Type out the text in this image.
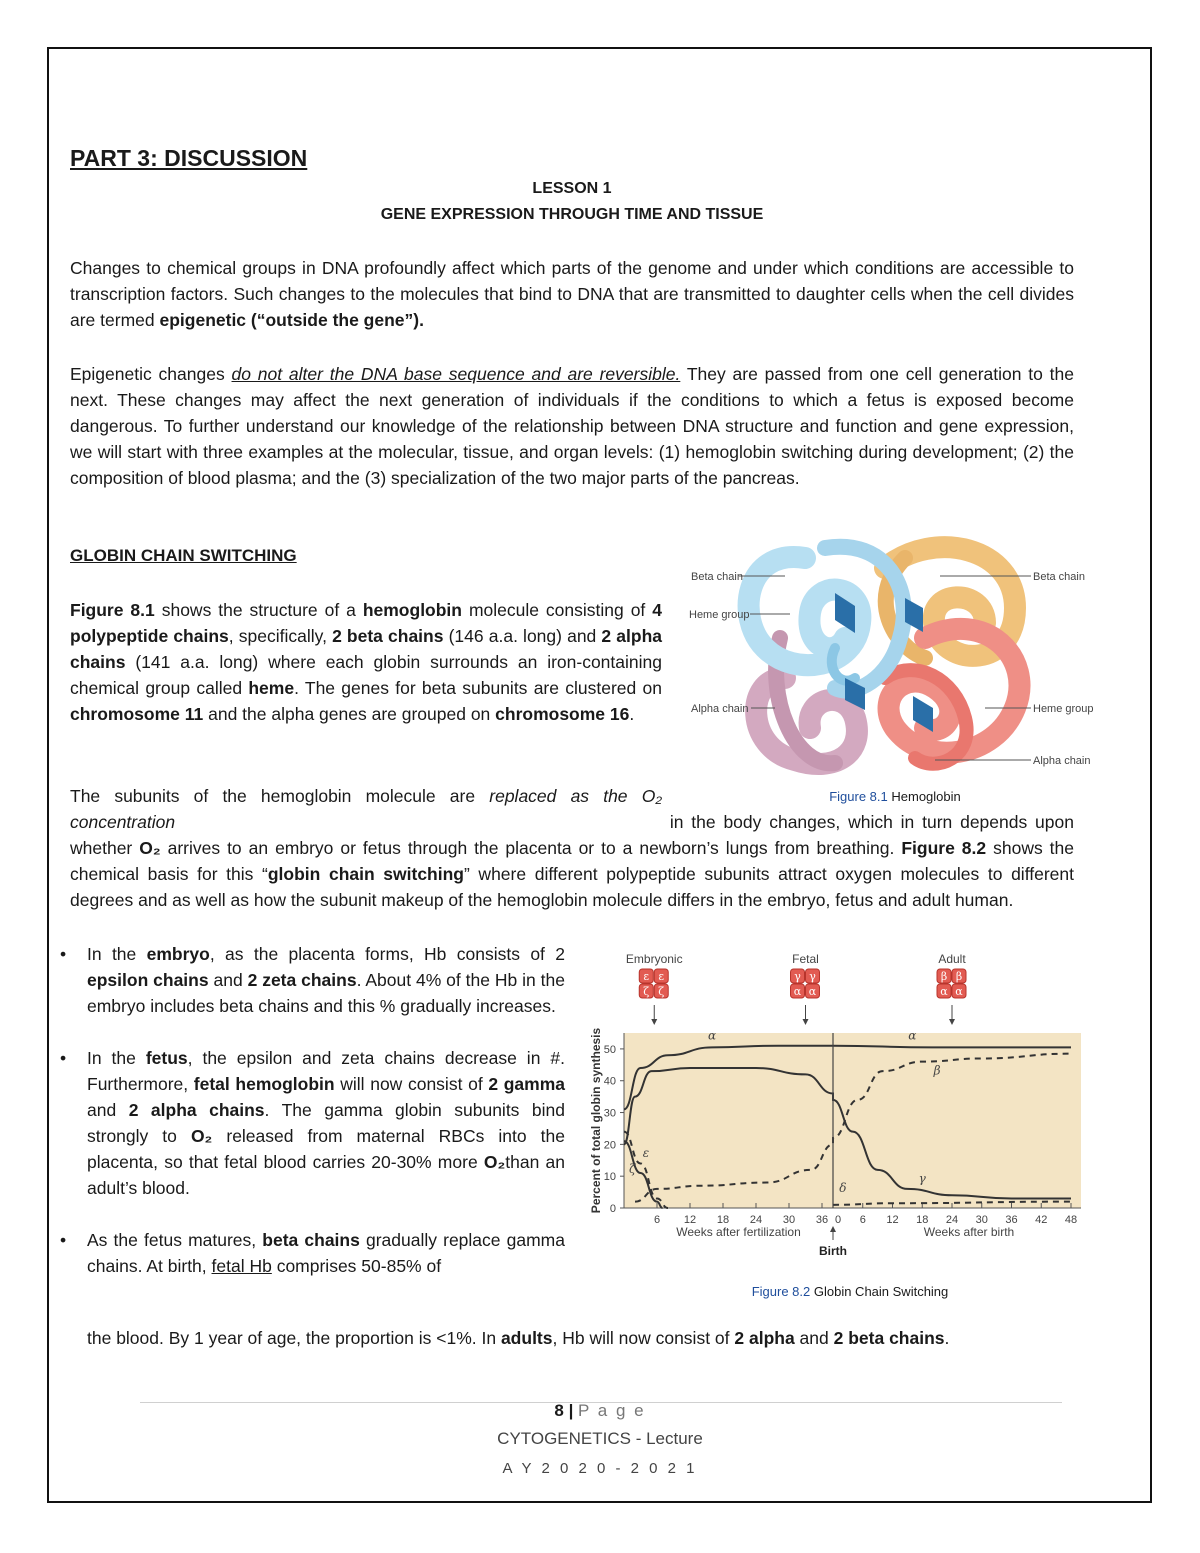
PART 3: DISCUSSION
LESSON 1
GENE EXPRESSION THROUGH TIME AND TISSUE
Changes to chemical groups in DNA profoundly affect which parts of the genome and under which conditions are accessible to transcription factors. Such changes to the molecules that bind to DNA that are transmitted to daughter cells when the cell divides are termed epigenetic (“outside the gene”).
Epigenetic changes do not alter the DNA base sequence and are reversible. They are passed from one cell generation to the next. These changes may affect the next generation of individuals if the conditions to which a fetus is exposed become dangerous. To further understand our knowledge of the relationship between DNA structure and function and gene expression, we will start with three examples at the molecular, tissue, and organ levels: (1) hemoglobin switching during development; (2) the composition of blood plasma; and the (3) specialization of the two major parts of the pancreas.
GLOBIN CHAIN SWITCHING
Figure 8.1 shows the structure of a hemoglobin molecule consisting of 4 polypeptide chains, specifically, 2 beta chains (146 a.a. long) and 2 alpha chains (141 a.a. long) where each globin surrounds an iron-containing chemical group called heme. The genes for beta subunits are clustered on chromosome 11 and the alpha genes are grouped on chromosome 16.
Beta chain
Heme group
Alpha chain
Beta chain
Heme group
Alpha chain
Figure 8.1 Hemoglobin
The subunits of the hemoglobin molecule are replaced as the O₂ concentration	in the body changes, which in turn depends upon whether O₂ arrives to an embryo or fetus through the placenta or to a newborn’s lungs from breathing. Figure 8.2 shows the chemical basis for this “globin chain switching” where different polypeptide subunits attract oxygen molecules to different degrees and as well as how the subunit makeup of the hemoglobin molecule differs in the embryo, fetus and adult human.
• In the embryo, as the placenta forms, Hb consists of 2 epsilon chains and 2 zeta chains. About 4% of the Hb in the embryo includes beta chains and this % gradually increases.
• In the fetus, the epsilon and zeta chains decrease in #. Furthermore, fetal hemoglobin will now consist of 2 gamma and 2 alpha chains. The gamma globin subunits bind strongly to O₂ released from maternal RBCs into the placenta, so that fetal blood carries 20-30% more O₂than an adult’s blood.
• As the fetus matures, beta chains gradually replace gamma chains. At birth, fetal Hb comprises 50-85% of
the blood. By 1 year of age, the proportion is <1%. In adults, Hb will now consist of 2 alpha and 2 beta chains.
Embryonic
ε ε
ζ ζ
Fetal
γ γ
α α
Adult
β β
α α
0
10
20
30
40
50
6 12 18 24 30 36 0 6 12 18 24 30 36 42 48
α	α
γ
β
ε
ζ
δ
Percent of total globin synthesis
Weeks after fertilization	Weeks after birth
Birth
Figure 8.2 Globin Chain Switching
8 | P a g e
CYTOGENETICS - Lecture
A Y 2 0 2 0 - 2 0 2 1
